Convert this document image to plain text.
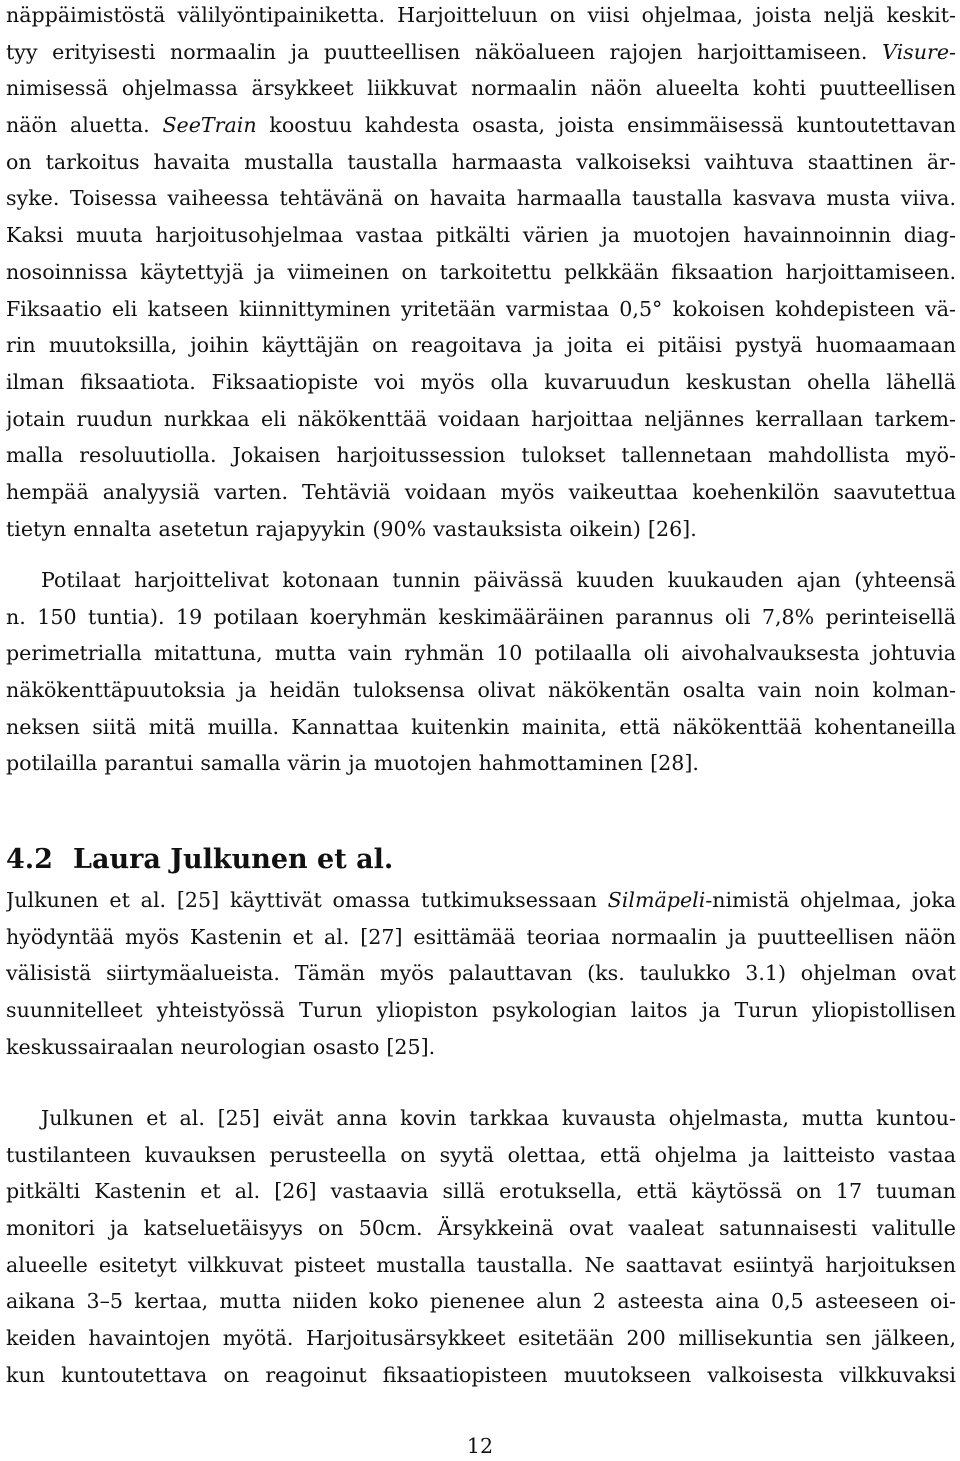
näppäimistöstä välilyöntipainiketta. Harjoitteluun on viisi ohjelmaa, joista neljä keskit-
tyy erityisesti normaalin ja puutteellisen näköalueen rajojen harjoittamiseen. Visure-
nimisessä ohjelmassa ärsykkeet liikkuvat normaalin näön alueelta kohti puutteellisen
näön aluetta. SeeTrain koostuu kahdesta osasta, joista ensimmäisessä kuntoutettavan
on tarkoitus havaita mustalla taustalla harmaasta valkoiseksi vaihtuva staattinen är-
syke. Toisessa vaiheessa tehtävänä on havaita harmaalla taustalla kasvava musta viiva.
Kaksi muuta harjoitusohjelmaa vastaa pitkälti värien ja muotojen havainnoinnin diag-
nosoinnissa käytettyjä ja viimeinen on tarkoitettu pelkkään fiksaation harjoittamiseen.
Fiksaatio eli katseen kiinnittyminen yritetään varmistaa 0,5° kokoisen kohdepisteen vä-
rin muutoksilla, joihin käyttäjän on reagoitava ja joita ei pitäisi pystyä huomaamaan
ilman fiksaatiota. Fiksaatiopiste voi myös olla kuvaruudun keskustan ohella lähellä
jotain ruudun nurkkaa eli näkökenttää voidaan harjoittaa neljännes kerrallaan tarkem-
malla resoluutiolla. Jokaisen harjoitussession tulokset tallennetaan mahdollista myö-
hempää analyysiä varten. Tehtäviä voidaan myös vaikeuttaa koehenkilön saavutettua
tietyn ennalta asetetun rajapyykin (90% vastauksista oikein) [26].
Potilaat harjoittelivat kotonaan tunnin päivässä kuuden kuukauden ajan (yhteensä
n. 150 tuntia). 19 potilaan koeryhmän keskimääräinen parannus oli 7,8% perinteisellä
perimetrialla mitattuna, mutta vain ryhmän 10 potilaalla oli aivohalvauksesta johtuvia
näkökenttäpuutoksia ja heidän tuloksensa olivat näkökentän osalta vain noin kolman-
neksen siitä mitä muilla. Kannattaa kuitenkin mainita, että näkökenttää kohentaneilla
potilailla parantui samalla värin ja muotojen hahmottaminen [28].
4.2 Laura Julkunen et al.
Julkunen et al. [25] käyttivät omassa tutkimuksessaan Silmäpeli-nimistä ohjelmaa, joka
hyödyntää myös Kastenin et al. [27] esittämää teoriaa normaalin ja puutteellisen näön
välisistä siirtymäalueista. Tämän myös palauttavan (ks. taulukko 3.1) ohjelman ovat
suunnitelleet yhteistyössä Turun yliopiston psykologian laitos ja Turun yliopistollisen
keskussairaalan neurologian osasto [25].
Julkunen et al. [25] eivät anna kovin tarkkaa kuvausta ohjelmasta, mutta kuntou-
tustilanteen kuvauksen perusteella on syytä olettaa, että ohjelma ja laitteisto vastaa
pitkälti Kastenin et al. [26] vastaavia sillä erotuksella, että käytössä on 17 tuuman
monitori ja katseluetäisyys on 50cm. Ärsykkeinä ovat vaaleat satunnaisesti valitulle
alueelle esitetyt vilkkuvat pisteet mustalla taustalla. Ne saattavat esiintyä harjoituksen
aikana 3–5 kertaa, mutta niiden koko pienenee alun 2 asteesta aina 0,5 asteeseen oi-
keiden havaintojen myötä. Harjoitusärsykkeet esitetään 200 millisekuntia sen jälkeen,
kun kuntoutettava on reagoinut fiksaatiopisteen muutokseen valkoisesta vilkkuvaksi
12
